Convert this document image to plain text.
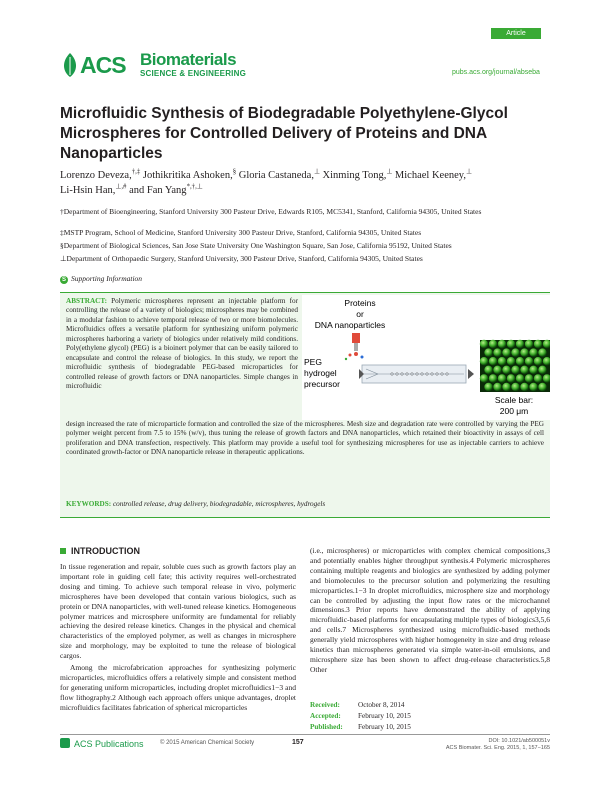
ACS Biomaterials
SCIENCE & ENGINEERING
Article
pubs.acs.org/journal/abseba
Microfluidic Synthesis of Biodegradable Polyethylene-Glycol Microspheres for Controlled Delivery of Proteins and DNA Nanoparticles
Lorenzo Deveza,†,‡ Jothikritika Ashoken,§ Gloria Castaneda,⊥ Xinming Tong,⊥ Michael Keeney,⊥
Li-Hsin Han,⊥,# and Fan Yang*,†,⊥
†Department of Bioengineering, Stanford University 300 Pasteur Drive, Edwards R105, MC5341, Stanford, California 94305, United States
‡MSTP Program, School of Medicine, Stanford University 300 Pasteur Drive, Stanford, California 94305, United States
§Department of Biological Sciences, San Jose State University One Washington Square, San Jose, California 95192, United States
⊥Department of Orthopaedic Surgery, Stanford University, 300 Pasteur Drive, Stanford, California 94305, United States
S Supporting Information
ABSTRACT: Polymeric microspheres represent an injectable platform for controlling the release of a variety of biologics; microspheres may be combined in a modular fashion to achieve temporal release of two or more biomolecules. Microfluidics offers a versatile platform for synthesizing uniform polymeric microspheres harboring a variety of biologics under relatively mild conditions. Poly(ethylene glycol) (PEG) is a bioinert polymer that can be easily tailored to encapsulate and control the release of biologics. In this study, we report the microfluidic synthesis of biodegradable PEG-based microparticles for controlled release of growth factors or DNA nanoparticles. Simple changes in microfluidic
design increased the rate of microparticle formation and controlled the size of the microspheres. Mesh size and degradation rate were controlled by varying the PEG polymer weight percent from 7.5 to 15% (w/v), thus tuning the release of growth factors and DNA nanoparticles, which retained their bioactivity in assays of cell proliferation and DNA transfection, respectively. This platform may provide a useful tool for synthesizing microspheres for use as injectable carriers to achieve coordinated growth-factor or DNA nanoparticle release in therapeutic applications.
KEYWORDS: controlled release, drug delivery, biodegradable, microspheres, hydrogels
Proteins
or
DNA nanoparticles
PEG
hydrogel
precursor
Scale bar:
200 μm
INTRODUCTION
In tissue regeneration and repair, soluble cues such as growth factors play an important role in guiding cell fate; this activity requires well-orchestrated dosing and timing. To achieve such temporal release in vivo, polymeric microspheres have been developed that contain various biologics, such as protein or DNA nanoparticles, with well-tuned release kinetics. Homogeneous polymer matrices and microsphere uniformity are fundamental for reliably achieving the desired release kinetics. Changes in the physical and chemical characteristics of the employed polymer, as well as changes in microsphere size and morphology, may be exploited to tune the release of biological cargos.
Among the microfabrication approaches for synthesizing polymeric microparticles, microfluidics offers a relatively simple and consistent method for generating uniform microparticles, including droplet microfluidics1−3 and flow lithography.2 Although each approach offers unique advantages, droplet microfluidics facilitates fabrication of spherical microparticles
(i.e., microspheres) or microparticles with complex chemical compositions,3 and potentially enables higher throughput synthesis.4 Polymeric microspheres containing multiple reagents and biologics are synthesized by adding polymer and biomolecules to the precursor solution and polymerizing the resulting microparticles.1−3 In droplet microfluidics, microsphere size and morphology can be controlled by adjusting the input flow rates or the microchannel dimensions.3 Prior reports have demonstrated the ability of applying microfluidic-based platforms for encapsulating multiple types of biologics3,5,6 and cells.7 Microspheres synthesized using microfluidic-based methods generally yield microspheres with higher homogeneity in size and drug release kinetics than microspheres generated via simple water-in-oil emulsions, and microsphere size has been shown to affect drug-release characteristics.5,8 Other
Received:	October 8, 2014
Accepted: February 10, 2015
Published: February 10, 2015
ACS Publications	© 2015 American Chemical Society	157	DOI: 10.1021/ab500051v
ACS Biomater. Sci. Eng. 2015, 1, 157−165
